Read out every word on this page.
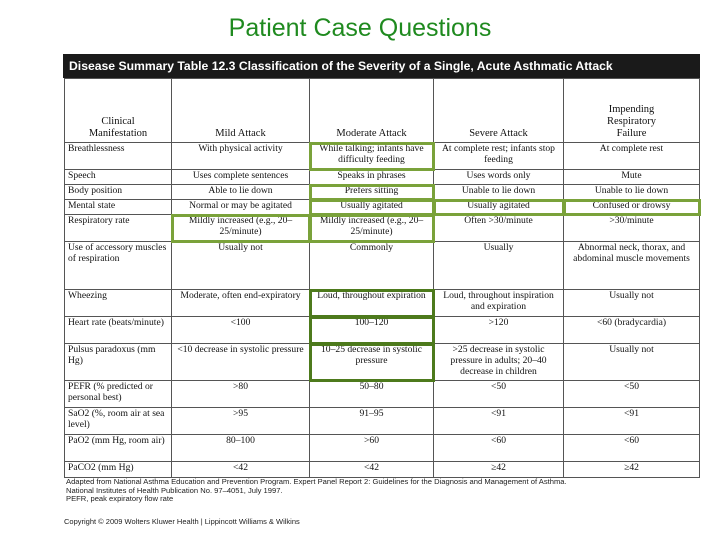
Patient Case Questions
Disease Summary Table 12.3 Classification of the Severity of a Single, Acute Asthmatic Attack
Clinical Manifestation	Mild Attack	Moderate Attack	Severe Attack	Impending Respiratory Failure
Breathlessness	With physical activity	While talking; infants have difficulty feeding	At complete rest; infants stop feeding	At complete rest
Speech	Uses complete sentences	Speaks in phrases	Uses words only	Mute
Body position	Able to lie down	Prefers sitting	Unable to lie down	Unable to lie down
Mental state	Normal or may be agitated	Usually agitated	Usually agitated	Confused or drowsy
Respiratory rate	Mildly increased (e.g., 20–25/minute)	Mildly increased (e.g., 20–25/minute)	Often >30/minute	>30/minute
Use of accessory muscles of respiration	Usually not	Commonly	Usually	Abnormal neck, thorax, and abdominal muscle movements
Wheezing	Moderate, often end-expiratory	Loud, throughout expiration	Loud, throughout inspiration and expiration	Usually not
Heart rate (beats/minute)	<100	100–120	>120	<60 (bradycardia)
Pulsus paradoxus (mm Hg)	<10 decrease in systolic pressure	10–25 decrease in systolic pressure	>25 decrease in systolic pressure in adults; 20–40 decrease in children	Usually not
PEFR (% predicted or personal best)	>80	50–80	<50	<50
SaO2 (%, room air at sea level)	>95	91–95	<91	<91
PaO2 (mm Hg, room air)	80–100	>60	<60	<60
PaCO2 (mm Hg)	<42	<42	≥42	≥42
Adapted from National Asthma Education and Prevention Program. Expert Panel Report 2: Guidelines for the Diagnosis and Management of Asthma.
National Institutes of Health Publication No. 97–4051, July 1997.
PEFR, peak expiratory flow rate
Copyright © 2009 Wolters Kluwer Health | Lippincott Williams & Wilkins
